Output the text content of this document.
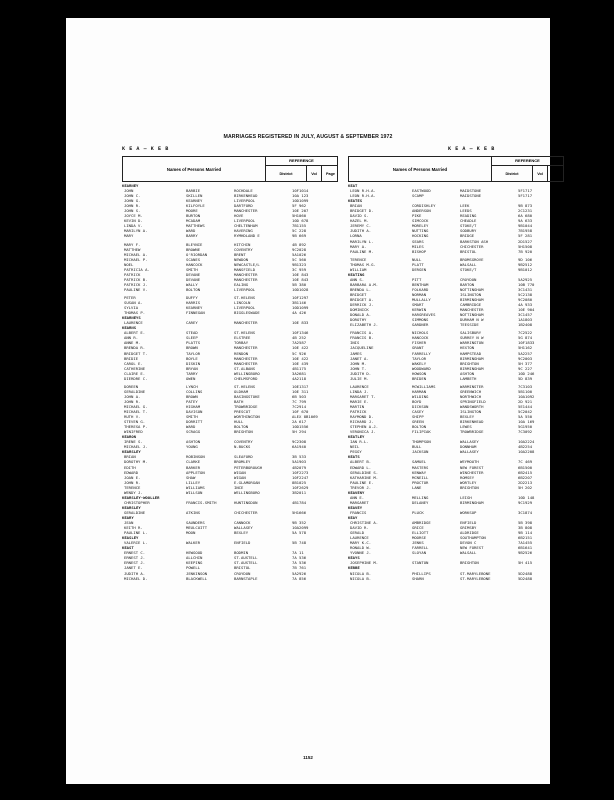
MARRIAGES REGISTERED IN JULY, AUGUST & SEPTEMBER 1972
K E A — K E B	K E A — K E B
Names of Persons Married
REFERENCE
District	Vol	Page
KEARNEY
JOHN	BARBIE	ROCHDALE	10F1014
JOHN C.	SKILLEN	BIRKENHEAD	10A 123
JOHN G.	KEARNEY	LIVERPOOL	10D1099
JOHN R.	KILFOYLE	DARTFORD	5F 962
JOHN S.	MOORE	MANCHESTER	10E 207
JOYCE M.	BURTON	HOVE	5H1060
KEVIN D.	MCADAM	LIVERPOOL	10D 678
LINDA V.	MATTHEWS	CHELTENHAM	7B1155
MARILYN A.	WARD	HAVERING	5C 228
MARY	BARRY	RYMHDLAND E	9B 669
MARY F.	BLEYNIE	HITCHIN	4B 892
MATTHEW	BROWNE	COVENTRY	9C2028
MICHAEL A.	O'RIORDAN	BRENT	5A1026
MICHAEL P.	SCANES	NEWDON	5C 560
NOEL	HANCOCK	NEWCASTLE/L	9B1323
PATRICIA A.	SMITH	MANSFIELD	3C 959
PATRICK	DEVANE	MANCHESTER	10E 843
PATRICK B.	DEVANE	MANCHESTER	10E 843
PATRICK J.	WALLY	EALING	5B 380
PAULINE V.	BOLTON	LIVERPOOL	10D1028
PETER	DUFFY	ST.HELENS	10F1297
SUSAN A.	HARRIS	LINCOLN	3B1146
SYLVIA	KEARNEY	LIVERPOOL	10D1099
THOMAS P.	FINNEGAN	BIGGLESWADE	4A 426
KEARNEYS
LAURENCE	CAREY	MANCHESTER	10E 833
KEARNS
ALBERT E.	STEAD	ST.HELENS	10F1346
ANN R.	SLEEP	ELSTREE	4B 252
ANNE M.	PLATTS	TORBAY	7A2587
BRENDA R.	BROWN	MANCHESTER	10E 422
BRIDGET T.	TAYLOR	RENDON	5C 926
BRIDIE	BOYLE	MANCHESTER	10E 422
CAROL E.	DISKIN	MANCHESTER	10E 439
CATHERINE	BRYAN	ST.ALBANS	4B1175
CLAIRE E.	TARRY	WELLINGBORO	3A2681
DIERDRE C.	OWEN	CHELMSFORD	4A2118
DOREEN	LYNCH	ST.HELENS	10E1317
GERALDINE	COLLINS	OLDHAM	10E 311
JOHN A.	BROWN	BASINGSTOKE	6B 503
JOHN R.	PATEY	BATH	7C 799
MICHAEL G.	HIGHAM	TROWBRIDGE	7C2914
MICHAEL T.	DAVISON	PRESCOT	10F 670
RUTH V.	SMITH	WORTHINGTON	ALEX 8B1069
STEVEN G.	DORRITT	HULL	2A 617
THERESA P.	WARD	BOLTON	10D1556
WINIFRED	SCRAGG	BRIGHTON	5H 294
KEARON
IRENE S.	ASHTON	COVENTRY	9C2308
MICHAEL J.	YOUNG	N.BUCKS	6A1940
KEARSLEY
BRIAN	ROBINSON	SLEAFORD	3B 533
DOROTHY M.	CLARKE	BROMLEY	5A1903
EDITH	BARKER	PETERBOROUGH	4B2079
EDWARD	APPLETON	WIGAN	10F2273
JOAN E.	SHAW	WIGAN	10F2247
JOHN R.	LILLEY	E.GLAMORGAN	8B1025
TERENCE	WILLIAMS	INCE	10F2629
WENDY J.	WILLSON	WELLINGBORO	3B2011
KEARSLEY-WOOLLER
CHRISTOPHER	FRANCIS-SMITH	HUNTINGDON	4B1784
KEARSLEY
GERALDINE	ATKINS	CHICHESTER	5H1666
KEARY
JEAN	SAUNDERS	CANNOCK	9B 352
KEITH R.	MEULCUITT	WALLASEY	10A2099
PAULINE L.	MOON	BEXLEY	5A 578
KEASLEY
VALERIE L.	WALKER	ENFIELD	5B 748
KEAST
ERNEST C.	HEWGOOD	BODMIN	7A 11
ERNEST J.	ALLCHIN	ST.AUSTELL	7A 536
ERNEST J.	KEEPING	ST.AUSTELL	7A 536
JANET E.	POWELL	BRISTOL	7B 761
JUDITH A.	JENKINSON	CROYDON	5A2926
MICHAEL D.	BLACKWELL	BARNSTAPLE	7A 856
Names of Persons Married
REFERENCE
District	Vol	Page
KEAT
LEON R.H.A.	EASTWOOD	MAIDSTONE	5F1717
LEON R.H.A.	SCAMP	MAIDSTONE	5F1717
KEATES
BRIAN	CORDISHLEY	LEEK	9B 873
BRIDGET D.	ANDERSON	LEEDS	2C1231
DAVID S.	PIKE	READING	6A 680
HAZEL M.	SIMCOCK	CHEADLE	9A 633
JEREMY C.	MORELEY	STOKE/T	9B1044
JUDITH A.	NUTTING	SODBURY	7B1958
LORNA	HOCKING	BRIDGE	5F 281
MARILYN L.	SEARS	BARKSTON ASH	2D1527
MARY A.	MILES	CHICHESTER	5H1508
PAULINE M.	BISHOP	BRISTOL	7B 920
TERENCE	NULL	BROMSGROVE	9D 106
THOMAS M.G.	PLATT	WALSALL	9B2512
WILLIAM	DERGEN	STOKE/T	9B1012
KEATING
ANN S.	PITT	CROYDON	5A2925
BARBARA A.M.	BENTHAM	BARTON	10B 770
BRENDA L.	FOLKARD	NOTTINGHAM	3C1431
BRIDGET	NORMAN	ISLINGTON	5C2138
BRIDGET A.	MULLALLY	BIRMINGHAM	9C2080
DERRICK J.	SMART	CAMBRIDGE	4A 933
DOMINICK	KERWIN	MANCHESTER	10E 904
DONALD A.	HARGREAVES	NOTTINGHAM	3C1457
DOROTHY	SIMMONS	DURHAM N W	1A1803
ELIZABETH J.	GARDNER	TEESSIDE	1B2408
FRANCIS A.	NICHOLS	SALISBURY	7C2522
FRANCIS B.	HANCOCK	SURREY N W	5G 874
INIS	FISHER	WARRINGTON	10F1833
JACQUELINE	GRANT	HEXTON	5H1162
JAMES	FARRELLY	HAMPSTEAD	5A2257
JANET A.	TAYLOR	BIRMINGHAM	9C2003
JOHN M.	WAKELY	BRIGHTON	5H 377
JOHN T.	WOODWARD	BIRMINGHAM	9C 227
JUDITH D.	HOWSON	ASHTON	10D 246
JULIE M.	BRIDEN	LAMBETH	5D 839
LAURENCE	MCWILLIAMS	WARMINSTER	7C3103
LINDA J.	HARMAN	GREENWICH	5B1100
MARGARET T.	WILDING	NORTHWICH	10A1092
MARIE E.	BOYD	SPRINGFIELD	2D 921
MARTIN	DICKSON	WANDSWORTH	5E1444
PATRICK	CASEY	ISLINGTON	5C2042
RAYMOND D.	SHIPP	BEXLEY	5A 550
RICHARD J.	GREEN	BIRKENHEAD	10A 169
STEPHEN A.J.	BOLTON	LEWES	5G1950
VERONICA J.	FILIPIAK	TROWBRIDGE	7C3092
KEATLEY
IAN R.L.	THOMPSON	WALLASEY	10A2224
NEIL	BULL	DONNHAM	4B2254
PEGGY	JACKSON	WALLASEY	10A2208
KEATS
ALBERT B.	SAMUEL	WEYMOUTH	7C 469
EDWARD L.	MASTERS	NEW FOREST	6B1500
GERALDINE S.	KENWAY	WINCHESTER	6B2415
KATHARINE M.	MCNEILL	ROMSEY	6B2207
PAULINE E.	PROCTOR	WORTLEY	2D2213
TREVOR J.	LANE	BRIGHTON	5H 202
KEAVENY
ANN E.	MELLING	LEIGH	10D 148
MARGARET	DELANEY	BIRMINGHAM	9C1929
KEAVEY
FRANCIS	PLUCK	WORKSOP	3C1874
KEAY
CHRISTINE A.	AMBRIDGE	ENFIELD	5B 398
DAVID R.	GRICE	GRIMSBY	3B 808
GERALD	ELLIOTT	ALDRIDGE	9B 114
LAURENCE	MOORSE	SOUTHAMPTON	6B2151
MARY K.C.	JENKS	DEVON C	7A1455
RONALD W.	FARRELL	NEW FOREST	6B1641
YVONNE J.	SLOYAN	WALSALL	9B2526
KEAYS
JOSEPHINE M.	STANTON	BRIGHTON	5H 415
KEBBE
NICOLA B.	PHILLIPS	ST.MARYLEBONE	5D2488
NICOLA B.	SHARN	ST.MARYLEBONE	5D2488
1152
